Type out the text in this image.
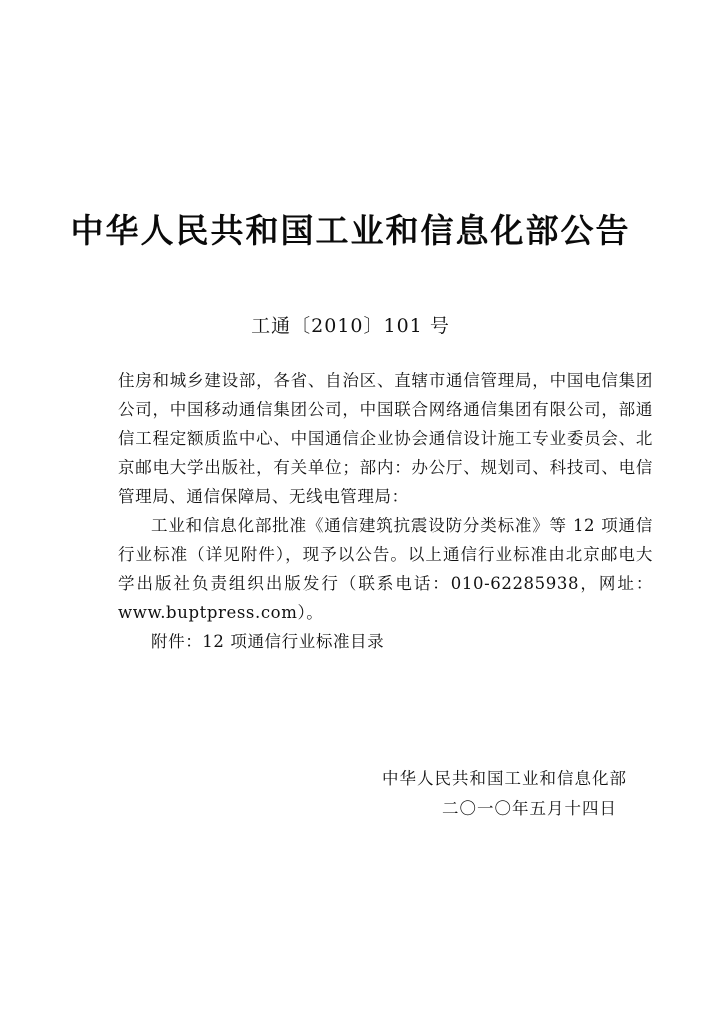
中华人民共和国工业和信息化部公告
工通〔2010〕101 号

住房和城乡建设部，各省、自治区、直辖市通信管理局，中国电信集团公司，中国移动通信集团公司，中国联合网络通信集团有限公司，部通信工程定额质监中心、中国通信企业协会通信设计施工专业委员会、北京邮电大学出版社，有关单位；部内：办公厅、规划司、科技司、电信管理局、通信保障局、无线电管理局：

工业和信息化部批准《通信建筑抗震设防分类标准》等 12 项通信行业标准（详见附件），现予以公告。以上通信行业标准由北京邮电大学出版社负责组织出版发行（联系电话：010-62285938，网址：www.buptpress.com）。

附件：12 项通信行业标准目录

中华人民共和国工业和信息化部
二〇一〇年五月十四日
